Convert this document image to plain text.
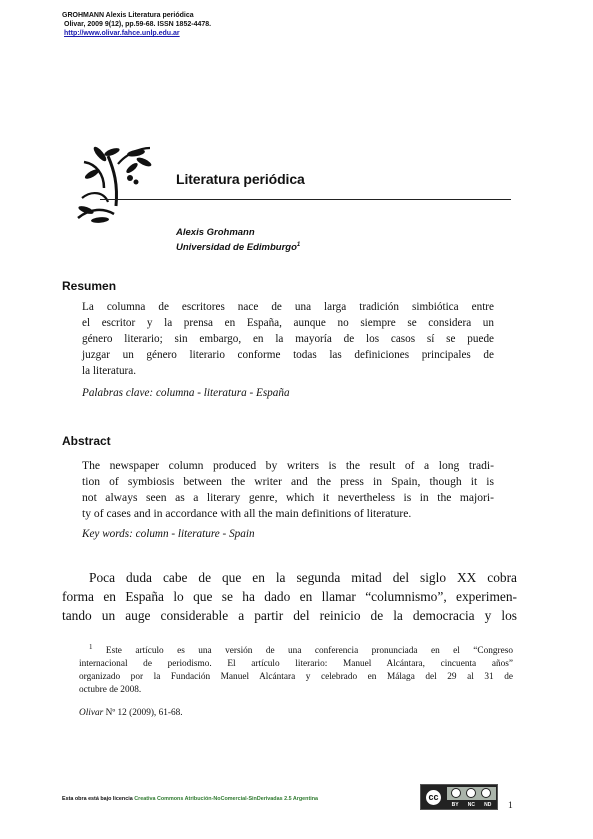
GROHMANN Alexis Literatura periódica
Olivar, 2009 9(12), pp.59-68. ISSN 1852-4478.
http://www.olivar.fahce.unlp.edu.ar
Literatura periódica
Alexis Grohmann
Universidad de Edimburgo$^1$
Resumen
La columna de escritores nace de una larga tradición simbiótica entre
el escritor y la prensa en España, aunque no siempre se considera un
género literario; sin embargo, en la mayoría de los casos sí se puede
juzgar un género literario conforme todas las definiciones principales de
la literatura.
Palabras clave: columna - literatura - España
Abstract
The newspaper column produced by writers is the result of a long tradi-
tion of symbiosis between the writer and the press in Spain, though it is
not always seen as a literary genre, which it nevertheless is in the majori-
ty of cases and in accordance with all the main definitions of literature.
Key words: column - literature - Spain
Poca duda cabe de que en la segunda mitad del siglo XX cobra
forma en España lo que se ha dado en llamar “columnismo”, experimen-
tando un auge considerable a partir del reinicio de la democracia y los
$^1$ Este artículo es una versión de una conferencia pronunciada en el “Congreso
internacional de periodismo. El artículo literario: Manuel Alcántara, cincuenta años”
organizado por la Fundación Manuel Alcántara y celebrado en Málaga del 29 al 31 de
octubre de 2008.
Olivar Nº 12 (2009), 61-68.
Esta obra está bajo licencia Creativa Commons Atribución-NoComercial-SinDerivadas 2.5 Argentina	cc
BY NC ND 1
